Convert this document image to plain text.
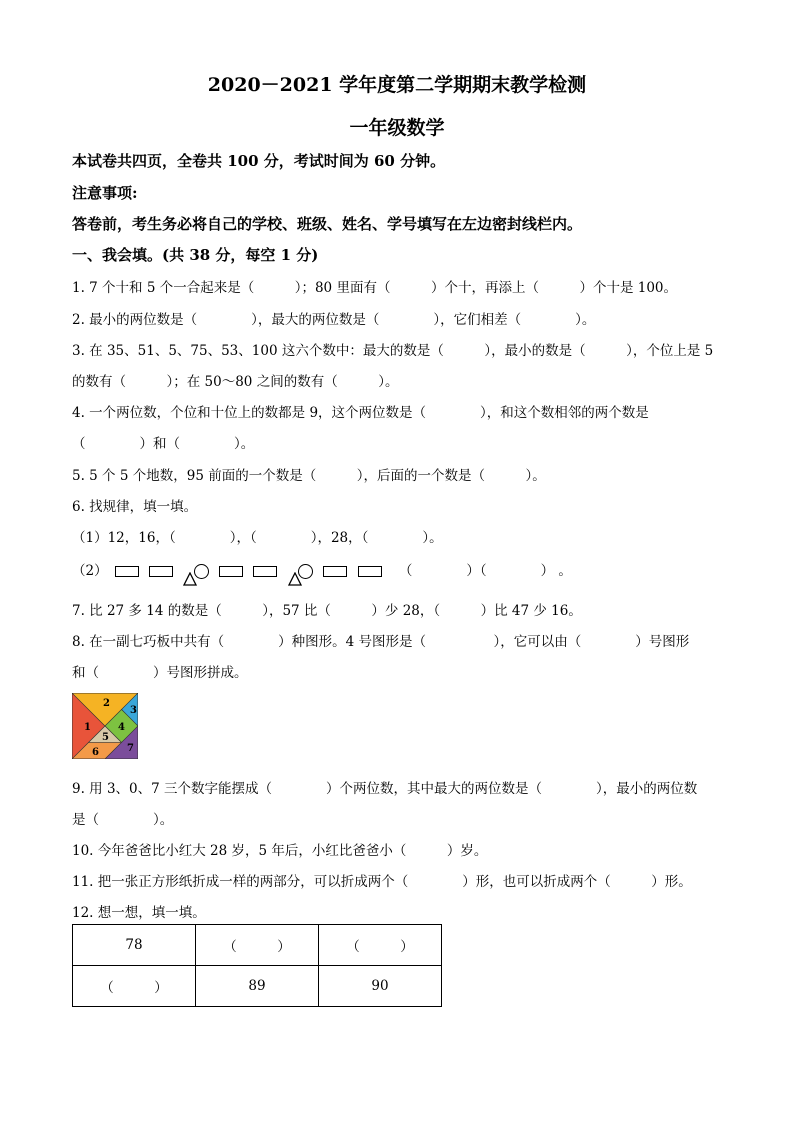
2020－2021 学年度第二学期期末教学检测
一年级数学
本试卷共四页，全卷共 100 分，考试时间为 60 分钟。
注意事项:
答卷前，考生务必将自己的学校、班级、姓名、学号填写在左边密封线栏内。
一、我会填。(共 38 分，每空 1 分)
1. 7 个十和 5 个一合起来是（　　　）；80 里面有（　　　）个十，再添上（　　　）个十是 100。
2. 最小的两位数是（　　　　），最大的两位数是（　　　　），它们相差（　　　　）。
3. 在 35、51、5、75、53、100 这六个数中：最大的数是（　　　），最小的数是（　　　），个位上是 5
的数有（　　　）；在 50～80 之间的数有（　　　）。
4. 一个两位数，个位和十位上的数都是 9，这个两位数是（　　　　），和这个数相邻的两个数是
（　　　　）和（　　　　）。
5. 5 个 5 个地数，95 前面的一个数是（　　　），后面的一个数是（　　　）。
6. 找规律，填一填。
（1）12，16，（　　　　），（　　　　），28，（　　　　）。
（2）	（　　　　）（　　　　） 。
7. 比 27 多 14 的数是（　　　），57 比（　　　）少 28，（　　　）比 47 少 16。
8. 在一副七巧板中共有（　　　　）种图形。4 号图形是（　　　　　），它可以由（　　　　）号图形
和（　　　　）号图形拼成。
1
2
3
4
5
6	7
9. 用 3、0、7 三个数字能摆成（　　　　）个两位数，其中最大的两位数是（　　　　），最小的两位数
是（　　　　）。
10. 今年爸爸比小红大 28 岁，5 年后，小红比爸爸小（　　　）岁。
11. 把一张正方形纸折成一样的两部分，可以折成两个（　　　　）形，也可以折成两个（　　　）形。
12. 想一想，填一填。
78	（　　　）	（　　　）
（　　　）	89	90
